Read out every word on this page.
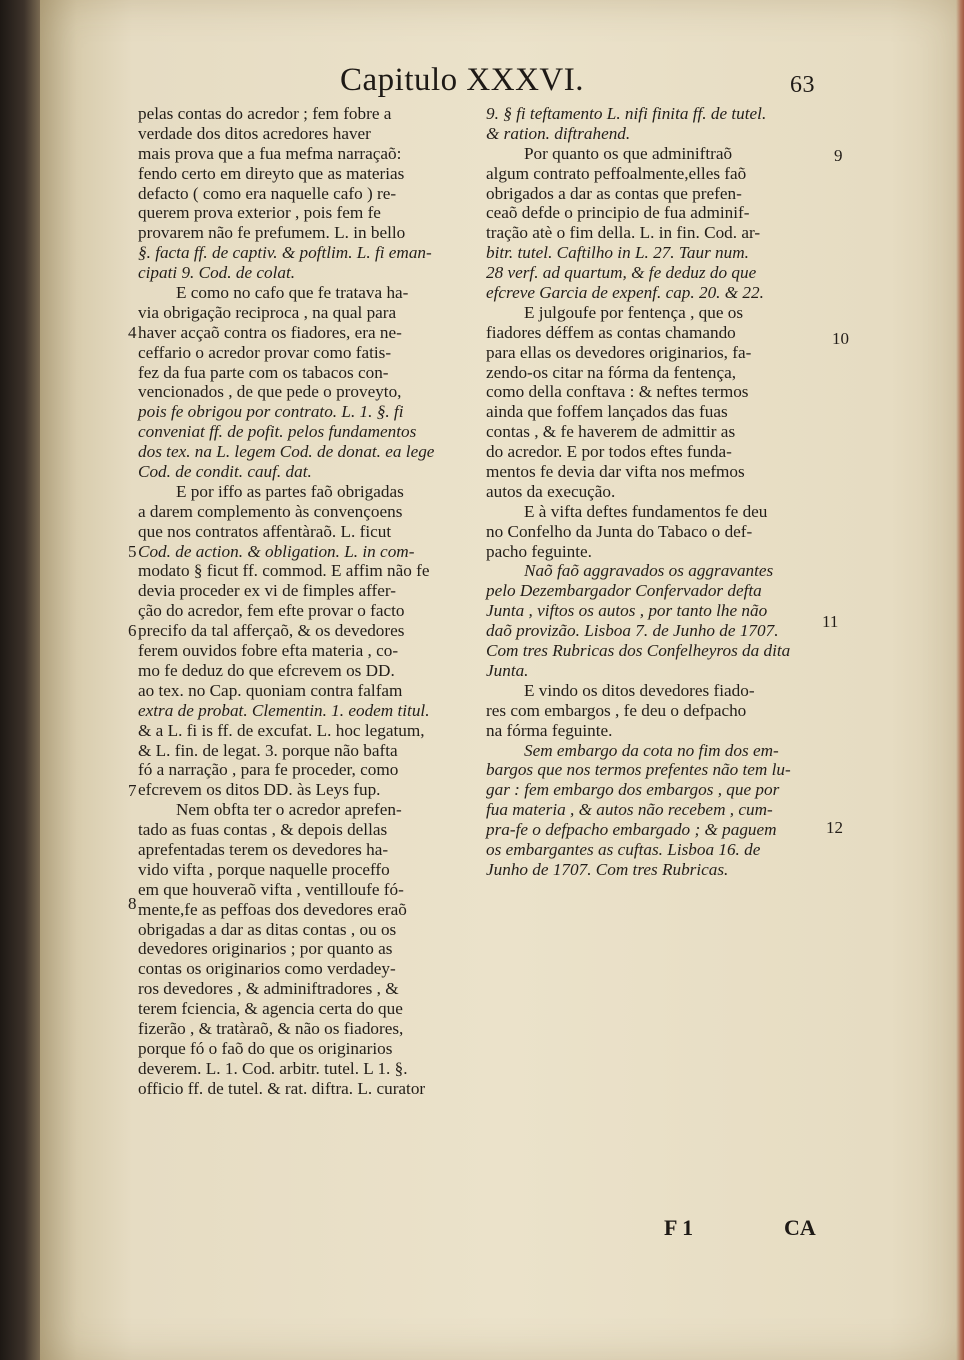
Capitulo XXXVI.	63
pelas contas do acredor ; fem fobre a
verdade dos ditos acredores haver
mais prova que a fua mefma narraçaõ:
fendo certo em direyto que as materias
defacto ( como era naquelle cafo ) re-
querem prova exterior , pois fem fe
provarem não fe prefumem. L. in bello
§. facta ff. de captiv. & poftlim. L. fi eman-
cipati 9. Cod. de colat.
E como no cafo que fe tratava ha-
via obrigação reciproca , na qual para
haver acçaõ contra os fiadores, era ne-
ceffario o acredor provar como fatis-
fez da fua parte com os tabacos con-
vencionados , de que pede o proveyto,
pois fe obrigou por contrato. L. 1. §. fi
conveniat ff. de pofit. pelos fundamentos
dos tex. na L. legem Cod. de donat. ea lege
Cod. de condit. cauf. dat.
E por iffo as partes faõ obrigadas
a darem complemento às convençoens
que nos contratos affentàraõ. L. ficut
Cod. de action. & obligation. L. in com-
modato § ficut ff. commod. E affim não fe
devia proceder ex vi de fimples affer-
ção do acredor, fem efte provar o facto
precifo da tal afferçaõ, & os devedores
ferem ouvidos fobre efta materia , co-
mo fe deduz do que efcrevem os DD.
ao tex. no Cap. quoniam contra falfam
extra de probat. Clementin. 1. eodem titul.
& a L. fi is ff. de excufat. L. hoc legatum,
& L. fin. de legat. 3. porque não bafta
fó a narração , para fe proceder, como
efcrevem os ditos DD. às Leys fup.
Nem obfta ter o acredor aprefen-
tado as fuas contas , & depois dellas
aprefentadas terem os devedores ha-
vido vifta , porque naquelle proceffo
em que houveraõ vifta , ventilloufe fó-
mente,fe as peffoas dos devedores eraõ
obrigadas a dar as ditas contas , ou os
devedores originarios ; por quanto as
contas os originarios como verdadey-
ros devedores , & adminiftradores , &
terem fciencia, & agencia certa do que
fizerão , & tratàraõ, & não os fiadores,
porque fó o faõ do que os originarios
deverem. L. 1. Cod. arbitr. tutel. L 1. §.
officio ff. de tutel. & rat. diftra. L. curator
9. § fi teftamento L. nifi finita ff. de tutel.
& ration. diftrahend.
Por quanto os que adminiftraõ
algum contrato peffoalmente,elles faõ
obrigados a dar as contas que prefen-
ceaõ defde o principio de fua adminif-
tração atè o fim della. L. in fin. Cod. ar-
bitr. tutel. Caftilho in L. 27. Taur num.
28 verf. ad quartum, & fe deduz do que
efcreve Garcia de expenf. cap. 20. & 22.
E julgoufe por fentença , que os
fiadores déffem as contas chamando
para ellas os devedores originarios, fa-
zendo-os citar na fórma da fentença,
como della conftava : & neftes termos
ainda que foffem lançados das fuas
contas , & fe haverem de admittir as
do acredor. E por todos eftes funda-
mentos fe devia dar vifta nos mefmos
autos da execução.
E à vifta deftes fundamentos fe deu
no Confelho da Junta do Tabaco o def-
pacho feguinte.
Naõ faõ aggravados os aggravantes
pelo Dezembargador Confervador defta
Junta , viftos os autos , por tanto lhe não
daõ provizão. Lisboa 7. de Junho de 1707.
Com tres Rubricas dos Confelheyros da dita
Junta.
E vindo os ditos devedores fiado-
res com embargos , fe deu o defpacho
na fórma feguinte.
Sem embargo da cota no fim dos em-
bargos que nos termos prefentes não tem lu-
gar : fem embargo dos embargos , que por
fua materia , & autos não recebem , cum-
pra-fe o defpacho embargado ; & paguem
os embargantes as cuftas. Lisboa 16. de
Junho de 1707. Com tres Rubricas.
4
5
6
7
8
9
10
11
12
F 1	CA
